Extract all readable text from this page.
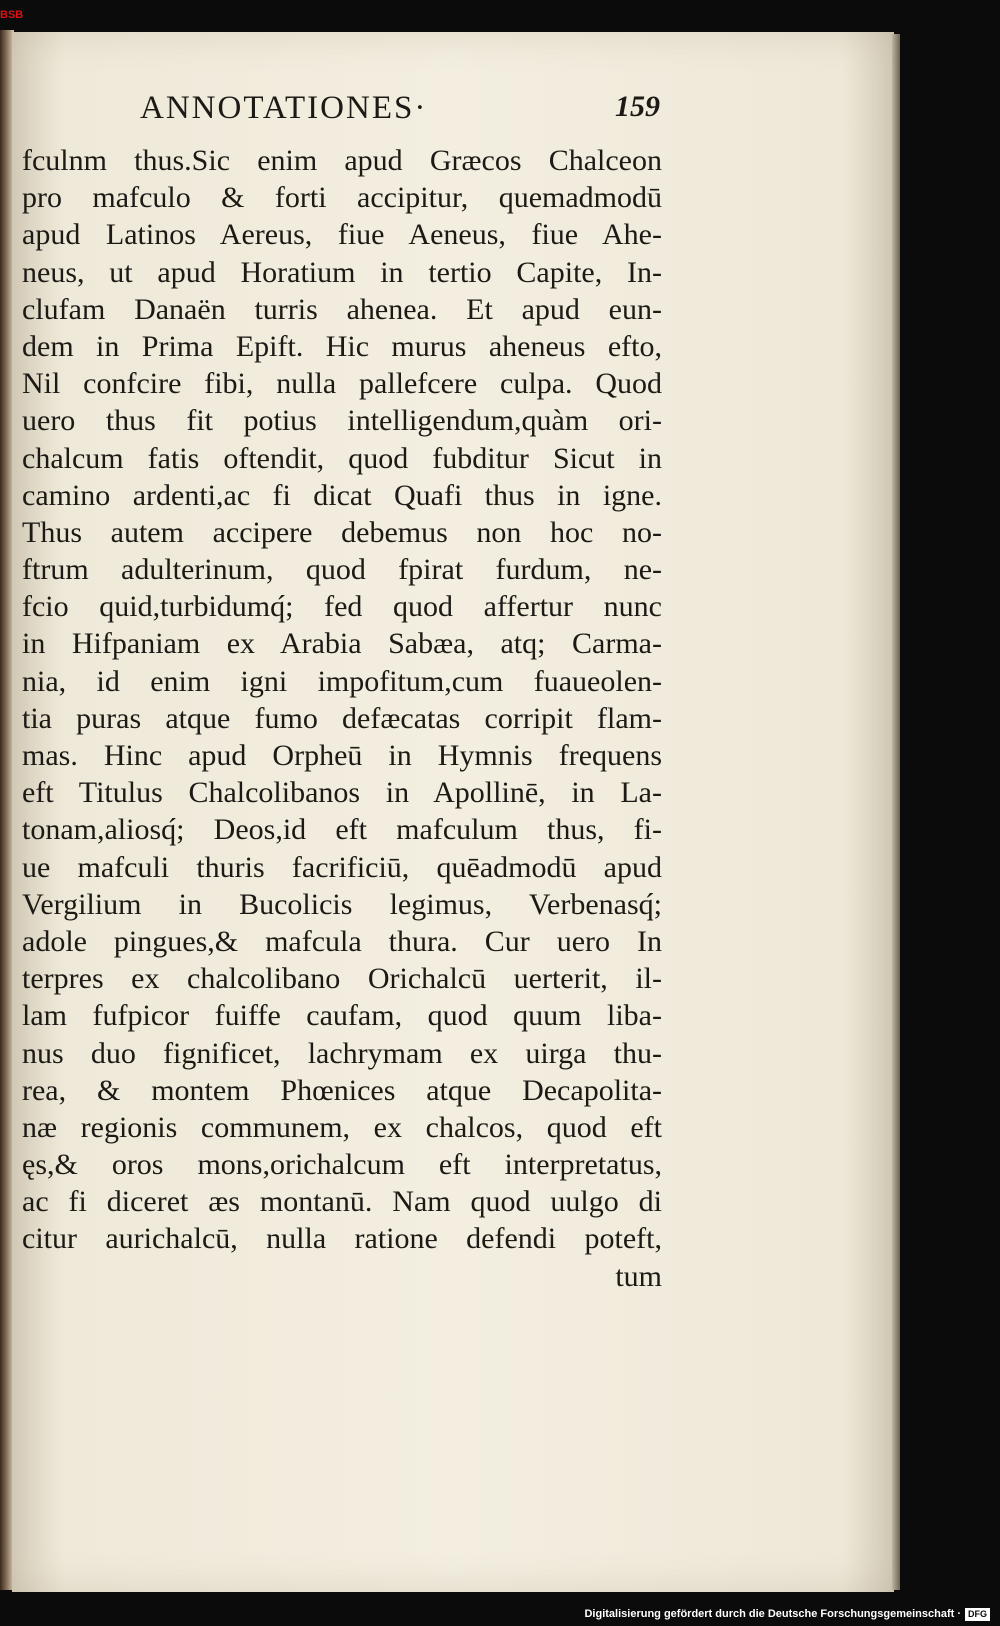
BSB
ANNOTATIONES·	159
fculnm thus.Sic enim apud Græcos Chalceon
pro mafculo & forti accipitur, quemadmodū
apud Latinos Aereus, fiue Aeneus, fiue Ahe-
neus, ut apud Horatium in tertio Capite, In-
clufam Danaën turris ahenea. Et apud eun-
dem in Prima Epift. Hic murus aheneus efto,
Nil confcire fibi, nulla pallefcere culpa. Quod
uero thus fit potius intelligendum,quàm ori-
chalcum fatis oftendit, quod fubditur Sicut in
camino ardenti,ac fi dicat Quafi thus in igne.
Thus autem accipere debemus non hoc no-
ftrum adulterinum, quod fpirat furdum, ne-
fcio quid,turbidumq́; fed quod affertur nunc
in Hifpaniam ex Arabia Sabæa, atq; Carma-
nia, id enim igni impofitum,cum fuaueolen-
tia puras atque fumo defæcatas corripit flam-
mas. Hinc apud Orpheū in Hymnis frequens
eft Titulus Chalcolibanos in Apollinē, in La-
tonam,aliosq́; Deos,id eft mafculum thus, fi-
ue mafculi thuris facrificiū, quēadmodū apud
Vergilium in Bucolicis legimus, Verbenasq́;
adole pingues,& mafcula thura. Cur uero In
terpres ex chalcolibano Orichalcū uerterit, il-
lam fufpicor fuiffe caufam, quod quum liba-
nus duo fignificet, lachrymam ex uirga thu-
rea, & montem Phœnices atque Decapolita-
næ regionis communem, ex chalcos, quod eft
ęs,& oros mons,orichalcum eft interpretatus,
ac fi diceret æs montanū. Nam quod uulgo di
citur aurichalcū, nulla ratione defendi poteft,
tum
Digitalisierung gefördert durch die Deutsche Forschungsgemeinschaft · DFG
